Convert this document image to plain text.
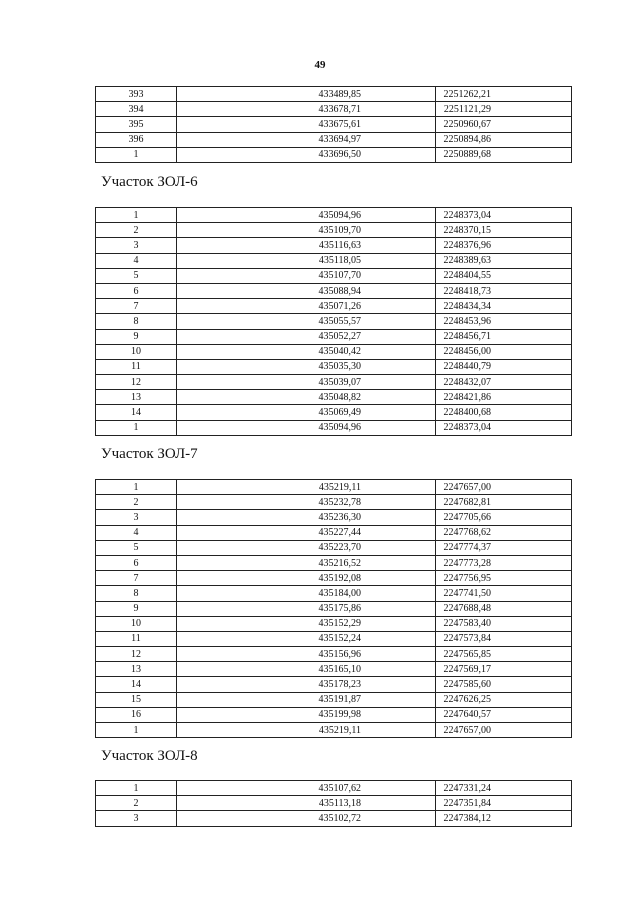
49
393	433489,85	2251262,21
394	433678,71	2251121,29
395	433675,61	2250960,67
396	433694,97	2250894,86
1	433696,50	2250889,68
Участок ЗОЛ-6
1	435094,96	2248373,04
2	435109,70	2248370,15
3	435116,63	2248376,96
4	435118,05	2248389,63
5	435107,70	2248404,55
6	435088,94	2248418,73
7	435071,26	2248434,34
8	435055,57	2248453,96
9	435052,27	2248456,71
10	435040,42	2248456,00
11	435035,30	2248440,79
12	435039,07	2248432,07
13	435048,82	2248421,86
14	435069,49	2248400,68
1	435094,96	2248373,04
Участок ЗОЛ-7
1	435219,11	2247657,00
2	435232,78	2247682,81
3	435236,30	2247705,66
4	435227,44	2247768,62
5	435223,70	2247774,37
6	435216,52	2247773,28
7	435192,08	2247756,95
8	435184,00	2247741,50
9	435175,86	2247688,48
10	435152,29	2247583,40
11	435152,24	2247573,84
12	435156,96	2247565,85
13	435165,10	2247569,17
14	435178,23	2247585,60
15	435191,87	2247626,25
16	435199,98	2247640,57
1	435219,11	2247657,00
Участок ЗОЛ-8
1	435107,62	2247331,24
2	435113,18	2247351,84
3	435102,72	2247384,12
